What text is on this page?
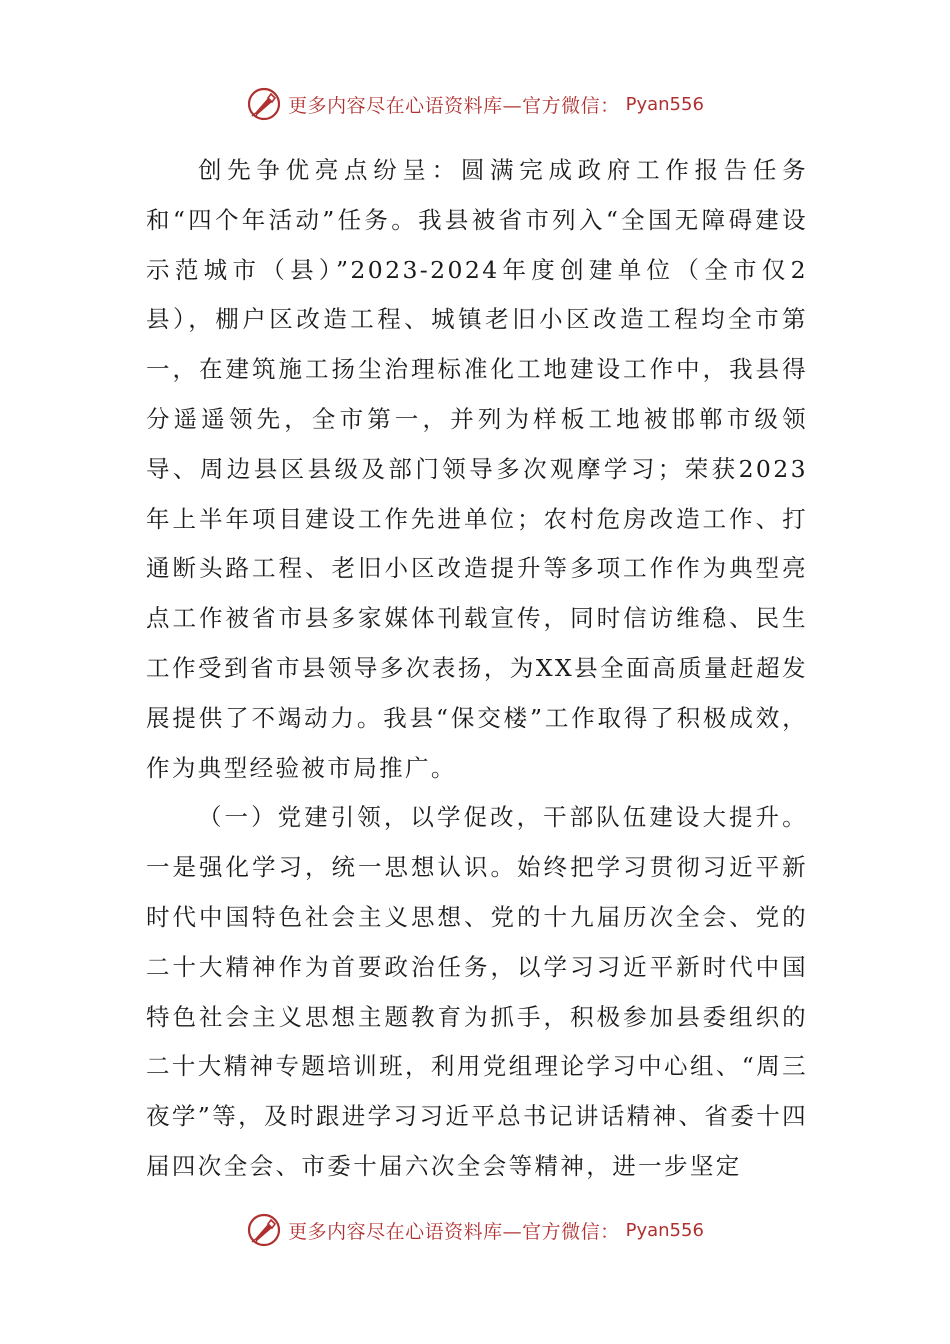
更多内容尽在心语资料库—官方微信： Pyan556

创先争优亮点纷呈：圆满完成政府工作报告任务和“四个年活动”任务。我县被省市列入“全国无障碍建设示范城市（县）”2023-2024年度创建单位（全市仅2县），棚户区改造工程、城镇老旧小区改造工程均全市第一，在建筑施工扬尘治理标准化工地建设工作中，我县得分遥遥领先，全市第一，并列为样板工地被邯郸市级领导、周边县区县级及部门领导多次观摩学习；荣获2023年上半年项目建设工作先进单位；农村危房改造工作、打通断头路工程、老旧小区改造提升等多项工作作为典型亮点工作被省市县多家媒体刊载宣传，同时信访维稳、民生工作受到省市县领导多次表扬，为XX县全面高质量赶超发展提供了不竭动力。我县“保交楼”工作取得了积极成效，作为典型经验被市局推广。

（一）党建引领，以学促改，干部队伍建设大提升。一是强化学习，统一思想认识。始终把学习贯彻习近平新时代中国特色社会主义思想、党的十九届历次全会、党的二十大精神作为首要政治任务，以学习习近平新时代中国特色社会主义思想主题教育为抓手，积极参加县委组织的二十大精神专题培训班，利用党组理论学习中心组、“周三夜学”等，及时跟进学习习近平总书记讲话精神、省委十四届四次全会、市委十届六次全会等精神，进一步坚定

更多内容尽在心语资料库—官方微信： Pyan556
